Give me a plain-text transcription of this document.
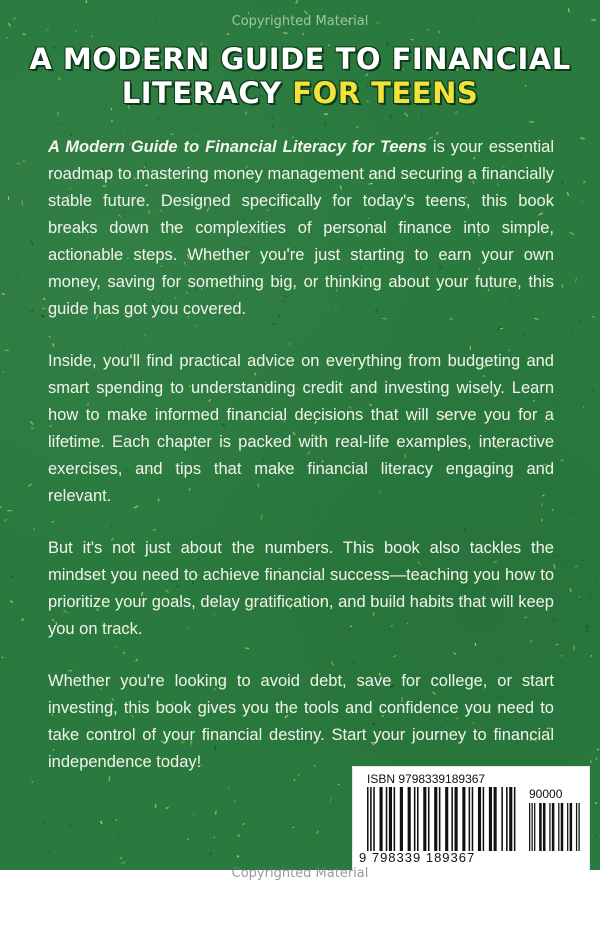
Copyrighted Material
A MODERN GUIDE TO FINANCIAL
LITERACY FOR TEENS

A Modern Guide to Financial Literacy for Teens is your essential roadmap to mastering money management and securing a financially stable future. Designed specifically for today's teens, this book breaks down the complexities of personal finance into simple, actionable steps. Whether you're just starting to earn your own money, saving for something big, or thinking about your future, this guide has got you covered.

Inside, you'll find practical advice on everything from budgeting and smart spending to understanding credit and investing wisely. Learn how to make informed financial decisions that will serve you for a lifetime. Each chapter is packed with real-life examples, interactive exercises, and tips that make financial literacy engaging and relevant.

But it's not just about the numbers. This book also tackles the mindset you need to achieve financial success—teaching you how to prioritize your goals, delay gratification, and build habits that will keep you on track.

Whether you're looking to avoid debt, save for college, or start investing, this book gives you the tools and confidence you need to take control of your financial destiny. Start your journey to financial independence today!

ISBN 9798339189367
90000
9 798339 189367
Copyrighted Material
